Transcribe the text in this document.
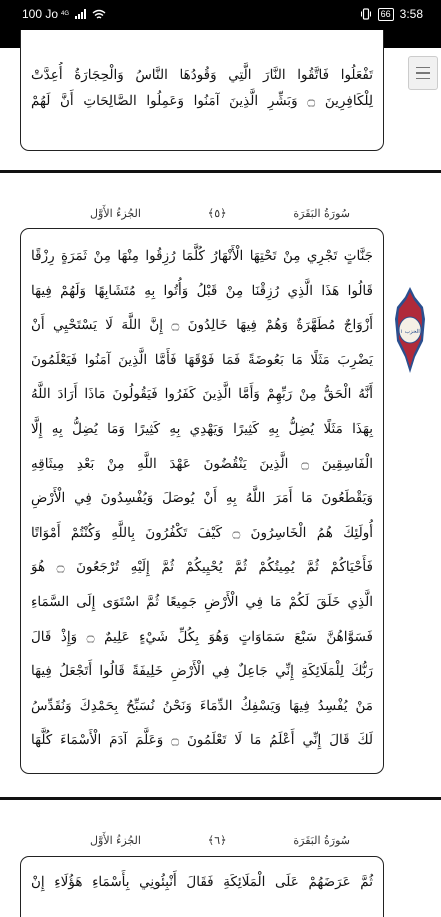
100 Jo 4G	66 3:58
تَفْعَلُوا فَاتَّقُوا النَّارَ الَّتِي وَقُودُهَا النَّاسُ وَالْحِجَارَةُ أُعِدَّتْ
لِلْكَافِرِينَ ۝ وَبَشِّرِ الَّذِينَ آمَنُوا وَعَمِلُوا الصَّالِحَاتِ أَنَّ لَهُمْ
سُورَةُ البَقَرَة
﴿٥﴾
الجُزءُ الأَوَّل
جَنَّاتٍ تَجْرِي مِنْ تَحْتِهَا الْأَنْهَارُ كُلَّمَا رُزِقُوا مِنْهَا مِنْ ثَمَرَةٍ رِزْقًا
قَالُوا هَذَا الَّذِي رُزِقْنَا مِنْ قَبْلُ وَأُتُوا بِهِ مُتَشَابِهًا وَلَهُمْ فِيهَا
أَزْوَاجٌ مُطَهَّرَةٌ وَهُمْ فِيهَا خَالِدُونَ ۝ إِنَّ اللَّهَ لَا يَسْتَحْيِي أَنْ
يَضْرِبَ مَثَلًا مَا بَعُوضَةً فَمَا فَوْقَهَا فَأَمَّا الَّذِينَ آمَنُوا فَيَعْلَمُونَ
أَنَّهُ الْحَقُّ مِنْ رَبِّهِمْ وَأَمَّا الَّذِينَ كَفَرُوا فَيَقُولُونَ مَاذَا أَرَادَ اللَّهُ
بِهَذَا مَثَلًا يُضِلُّ بِهِ كَثِيرًا وَيَهْدِي بِهِ كَثِيرًا وَمَا يُضِلُّ بِهِ إِلَّا
الْفَاسِقِينَ ۝ الَّذِينَ يَنْقُضُونَ عَهْدَ اللَّهِ مِنْ بَعْدِ مِيثَاقِهِ
وَيَقْطَعُونَ مَا أَمَرَ اللَّهُ بِهِ أَنْ يُوصَلَ وَيُفْسِدُونَ فِي الْأَرْضِ
أُولَئِكَ هُمُ الْخَاسِرُونَ ۝ كَيْفَ تَكْفُرُونَ بِاللَّهِ وَكُنْتُمْ أَمْوَاتًا
فَأَحْيَاكُمْ ثُمَّ يُمِيتُكُمْ ثُمَّ يُحْيِيكُمْ ثُمَّ إِلَيْهِ تُرْجَعُونَ ۝ هُوَ
الَّذِي خَلَقَ لَكُمْ مَا فِي الْأَرْضِ جَمِيعًا ثُمَّ اسْتَوَى إِلَى السَّمَاءِ
فَسَوَّاهُنَّ سَبْعَ سَمَاوَاتٍ وَهُوَ بِكُلِّ شَيْءٍ عَلِيمٌ ۝ وَإِذْ قَالَ
رَبُّكَ لِلْمَلَائِكَةِ إِنِّي جَاعِلٌ فِي الْأَرْضِ خَلِيفَةً قَالُوا أَتَجْعَلُ فِيهَا
مَنْ يُفْسِدُ فِيهَا وَيَسْفِكُ الدِّمَاءَ وَنَحْنُ نُسَبِّحُ بِحَمْدِكَ وَنُقَدِّسُ
لَكَ قَالَ إِنِّي أَعْلَمُ مَا لَا تَعْلَمُونَ ۝ وَعَلَّمَ آدَمَ الْأَسْمَاءَ كُلَّهَا
الحزب ١
سُورَةُ البَقَرَة
﴿٦﴾
الجُزءُ الأَوَّل
ثُمَّ عَرَضَهُمْ عَلَى الْمَلَائِكَةِ فَقَالَ أَنْبِئُونِي بِأَسْمَاءِ هَؤُلَاءِ إِنْ
